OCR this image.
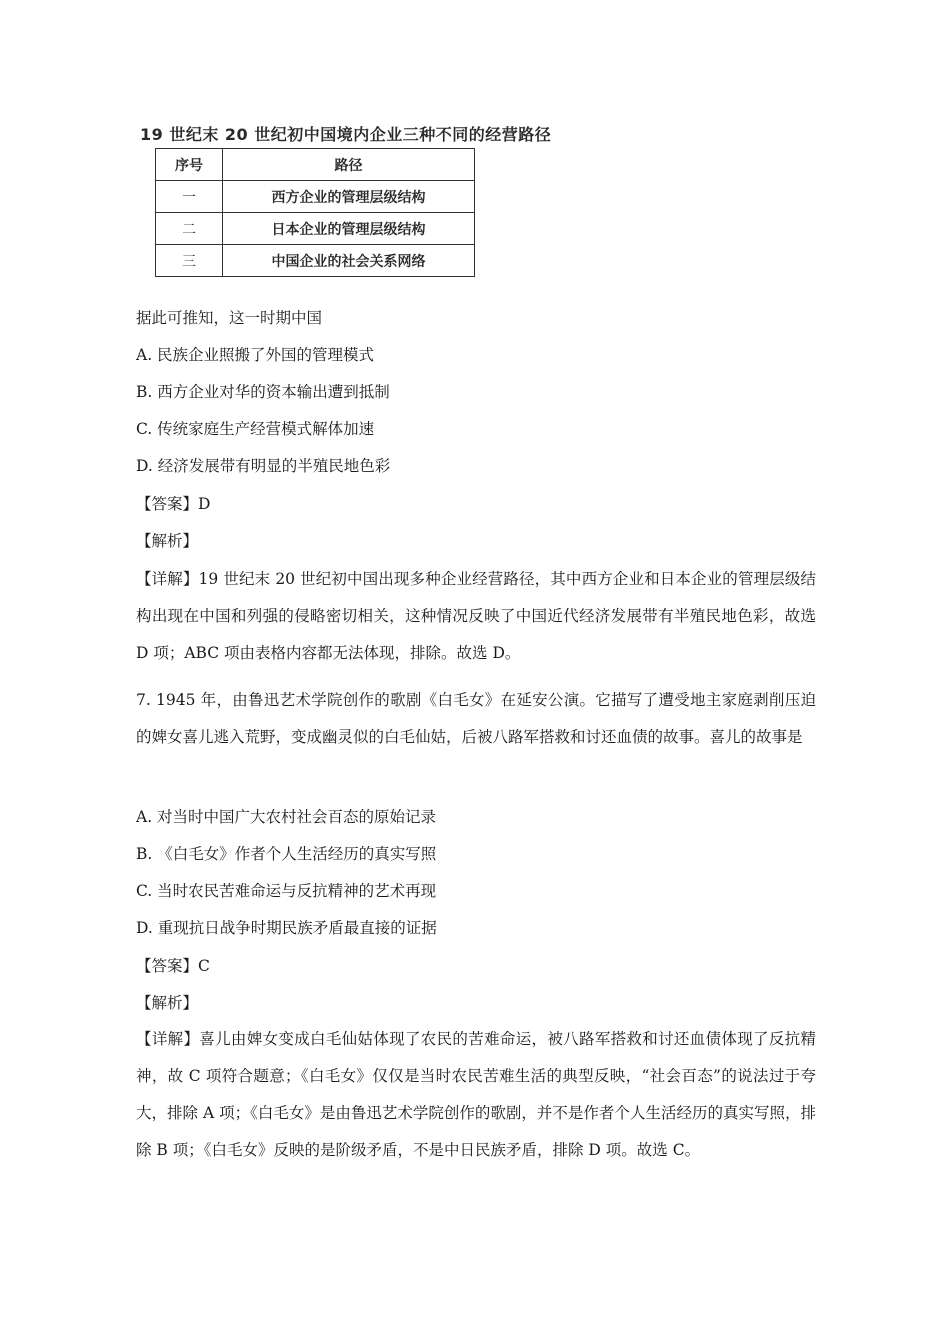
19 世纪末 20 世纪初中国境内企业三种不同的经营路径
序号	路径
一	西方企业的管理层级结构
二	日本企业的管理层级结构
三	中国企业的社会关系网络
据此可推知，这一时期中国
A. 民族企业照搬了外国的管理模式
B. 西方企业对华的资本输出遭到抵制
C. 传统家庭生产经营模式解体加速
D. 经济发展带有明显的半殖民地色彩
【答案】D
【解析】
【详解】19 世纪末 20 世纪初中国出现多种企业经营路径，其中西方企业和日本企业的管理层级结构出现在中国和列强的侵略密切相关，这种情况反映了中国近代经济发展带有半殖民地色彩，故选 D 项；ABC 项由表格内容都无法体现，排除。故选 D。
7. 1945 年，由鲁迅艺术学院创作的歌剧《白毛女》在延安公演。它描写了遭受地主家庭剥削压迫的婢女喜儿逃入荒野，变成幽灵似的白毛仙姑，后被八路军搭救和讨还血债的故事。喜儿的故事是
A. 对当时中国广大农村社会百态的原始记录
B. 《白毛女》作者个人生活经历的真实写照
C. 当时农民苦难命运与反抗精神的艺术再现
D. 重现抗日战争时期民族矛盾最直接的证据
【答案】C
【解析】
【详解】喜儿由婢女变成白毛仙姑体现了农民的苦难命运，被八路军搭救和讨还血债体现了反抗精神，故 C 项符合题意；《白毛女》仅仅是当时农民苦难生活的典型反映，“社会百态”的说法过于夸大，排除 A 项；《白毛女》是由鲁迅艺术学院创作的歌剧，并不是作者个人生活经历的真实写照，排除 B 项；《白毛女》反映的是阶级矛盾，不是中日民族矛盾，排除 D 项。故选 C。
